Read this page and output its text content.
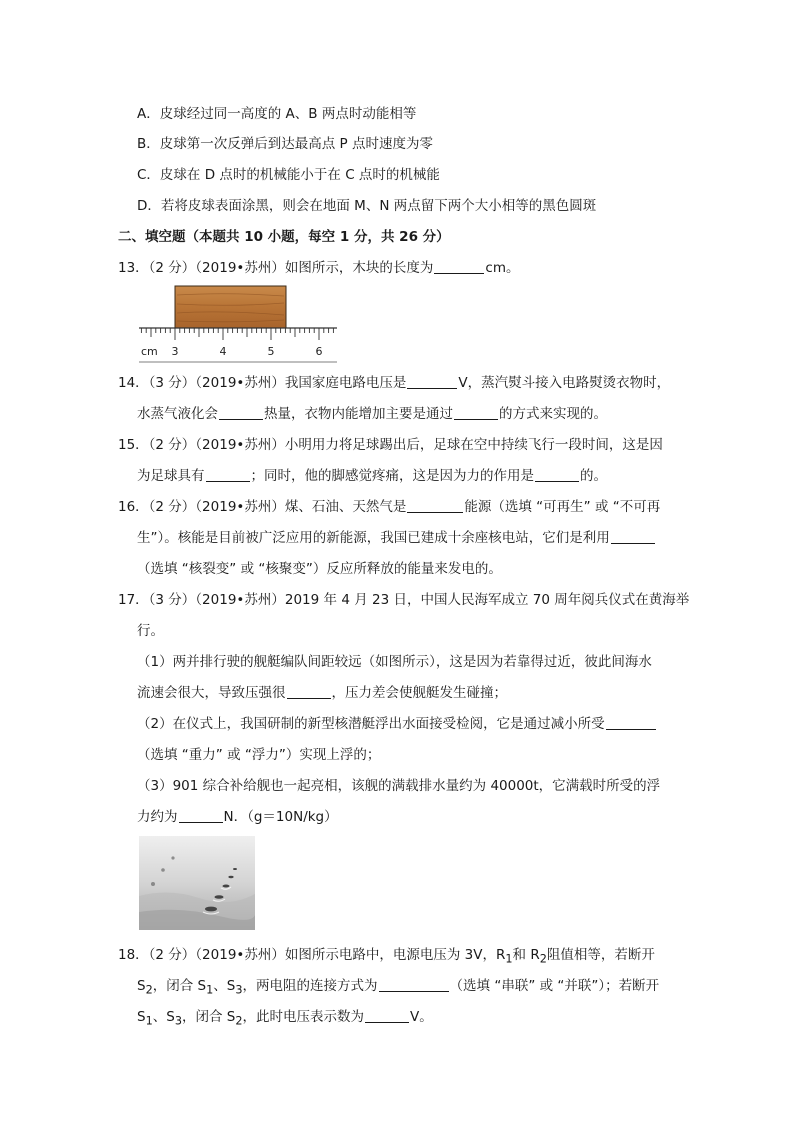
A．皮球经过同一高度的 A、B 两点时动能相等
B．皮球第一次反弹后到达最高点 P 点时速度为零
C．皮球在 D 点时的机械能小于在 C 点时的机械能
D．若将皮球表面涂黑，则会在地面 M、N 两点留下两个大小相等的黑色圆斑
二、填空题（本题共 10 小题，每空 1 分，共 26 分）
13．（2 分）（2019•苏州）如图所示，木块的长度为	cm。
cm 3	4	5	6
14．（3 分）（2019•苏州）我国家庭电路电压是	V，蒸汽熨斗接入电路熨烫衣物时，
水蒸气液化会	热量，衣物内能增加主要是通过	的方式来实现的。
15．（2 分）（2019•苏州）小明用力将足球踢出后，足球在空中持续飞行一段时间，这是因
为足球具有	；同时，他的脚感觉疼痛，这是因为力的作用是	的。
16．（2 分）（2019•苏州）煤、石油、天然气是	能源（选填 “可再生” 或 “不可再
生”）。核能是目前被广泛应用的新能源，我国已建成十余座核电站，它们是利用
（选填 “核裂变” 或 “核聚变”）反应所释放的能量来发电的。
17．（3 分）（2019•苏州）2019 年 4 月 23 日，中国人民海军成立 70 周年阅兵仪式在黄海举
行。
（1）两并排行驶的舰艇编队间距较远（如图所示），这是因为若靠得过近，彼此间海水
流速会很大，导致压强很	，压力差会使舰艇发生碰撞；
（2）在仪式上，我国研制的新型核潜艇浮出水面接受检阅，它是通过减小所受
（选填 “重力” 或 “浮力”）实现上浮的；
（3）901 综合补给舰也一起亮相，该舰的满载排水量约为 40000t，它满载时所受的浮
力约为	N．（g＝10N/kg）
18．（2 分）（2019•苏州）如图所示电路中，电源电压为 3V，$R_1$和 $R_2$阻值相等，若断开
$S_2$，闭合 $S_1$、$S_3$，两电阻的连接方式为	（选填 “串联” 或 “并联”）；若断开
$S_1$、$S_3$，闭合 $S_2$，此时电压表示数为	V。
